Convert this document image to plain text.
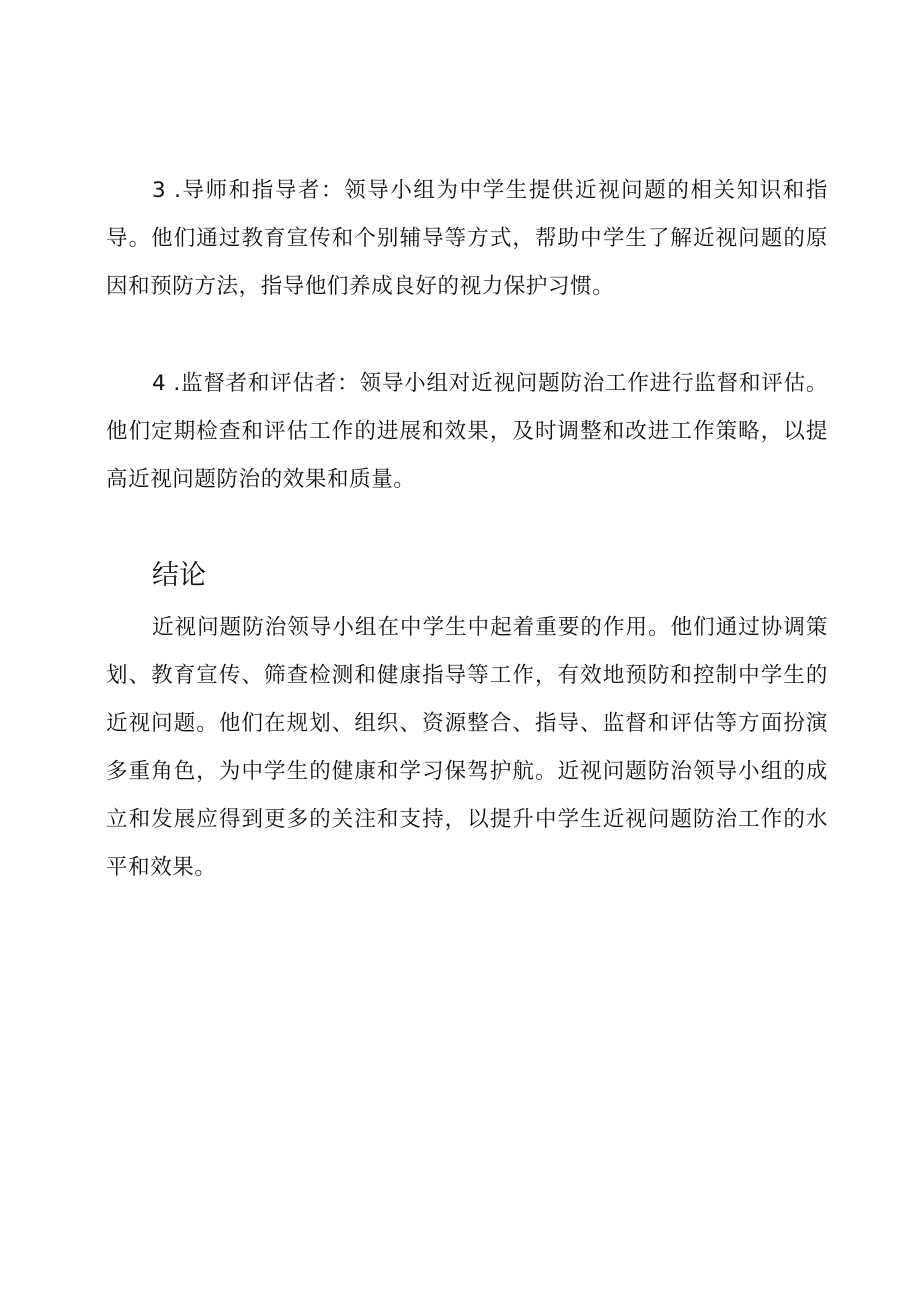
3 .导师和指导者：领导小组为中学生提供近视问题的相关知识和指导。他们通过教育宣传和个别辅导等方式，帮助中学生了解近视问题的原因和预防方法，指导他们养成良好的视力保护习惯。

4 .监督者和评估者：领导小组对近视问题防治工作进行监督和评估。他们定期检查和评估工作的进展和效果，及时调整和改进工作策略，以提高近视问题防治的效果和质量。

结论

近视问题防治领导小组在中学生中起着重要的作用。他们通过协调策划、教育宣传、筛查检测和健康指导等工作，有效地预防和控制中学生的近视问题。他们在规划、组织、资源整合、指导、监督和评估等方面扮演多重角色，为中学生的健康和学习保驾护航。近视问题防治领导小组的成立和发展应得到更多的关注和支持，以提升中学生近视问题防治工作的水平和效果。
